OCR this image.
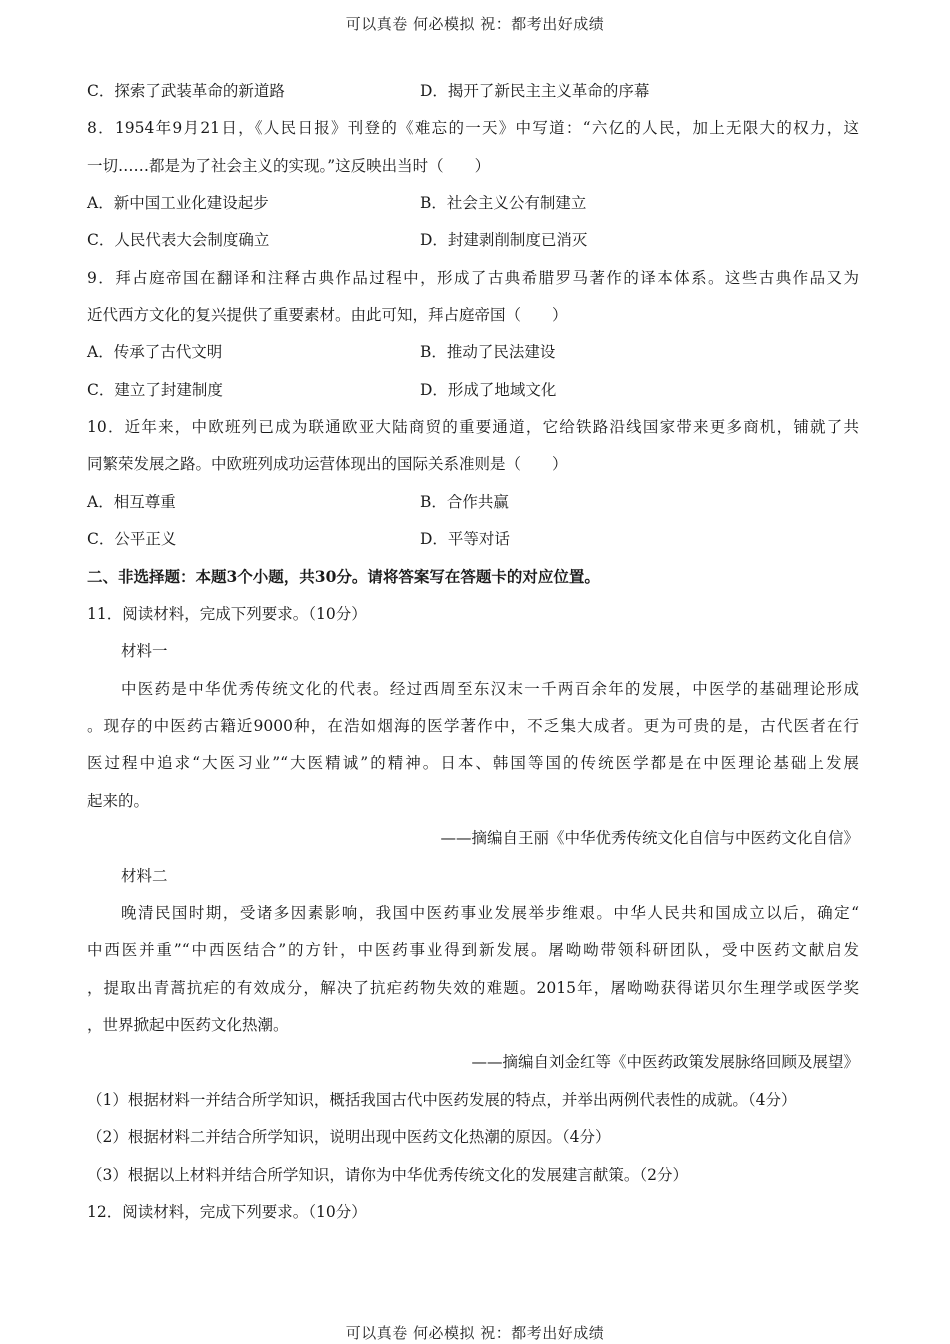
可以真卷 何必模拟 祝：都考出好成绩
C．探索了武装革命的新道路	D．揭开了新民主主义革命的序幕
8．1954年9月21日，《人民日报》刊登的《难忘的一天》中写道：“六亿的人民，加上无限大的权力，这
一切……都是为了社会主义的实现。”这反映出当时（　　）
A．新中国工业化建设起步	B．社会主义公有制建立
C．人民代表大会制度确立	D．封建剥削制度已消灭
9．拜占庭帝国在翻译和注释古典作品过程中，形成了古典希腊罗马著作的译本体系。这些古典作品又为
近代西方文化的复兴提供了重要素材。由此可知，拜占庭帝国（　　）
A．传承了古代文明	B．推动了民法建设
C．建立了封建制度	D．形成了地域文化
10．近年来，中欧班列已成为联通欧亚大陆商贸的重要通道，它给铁路沿线国家带来更多商机，铺就了共
同繁荣发展之路。中欧班列成功运营体现出的国际关系准则是（　　）
A．相互尊重	B．合作共赢
C．公平正义	D．平等对话
二、非选择题：本题3个小题，共30分。请将答案写在答题卡的对应位置。
11．阅读材料，完成下列要求。（10分）
材料一
中医药是中华优秀传统文化的代表。经过西周至东汉末一千两百余年的发展，中医学的基础理论形成
。现存的中医药古籍近9000种，在浩如烟海的医学著作中，不乏集大成者。更为可贵的是，古代医者在行
医过程中追求“大医习业”“大医精诚”的精神。日本、韩国等国的传统医学都是在中医理论基础上发展
起来的。
——摘编自王丽《中华优秀传统文化自信与中医药文化自信》
材料二
晚清民国时期，受诸多因素影响，我国中医药事业发展举步维艰。中华人民共和国成立以后，确定“
中西医并重”“中西医结合”的方针，中医药事业得到新发展。屠呦呦带领科研团队，受中医药文献启发
，提取出青蒿抗疟的有效成分，解决了抗疟药物失效的难题。2015年，屠呦呦获得诺贝尔生理学或医学奖
，世界掀起中医药文化热潮。
——摘编自刘金红等《中医药政策发展脉络回顾及展望》
（1）根据材料一并结合所学知识，概括我国古代中医药发展的特点，并举出两例代表性的成就。（4分）
（2）根据材料二并结合所学知识，说明出现中医药文化热潮的原因。（4分）
（3）根据以上材料并结合所学知识，请你为中华优秀传统文化的发展建言献策。（2分）
12．阅读材料，完成下列要求。（10分）
可以真卷 何必模拟 祝：都考出好成绩
